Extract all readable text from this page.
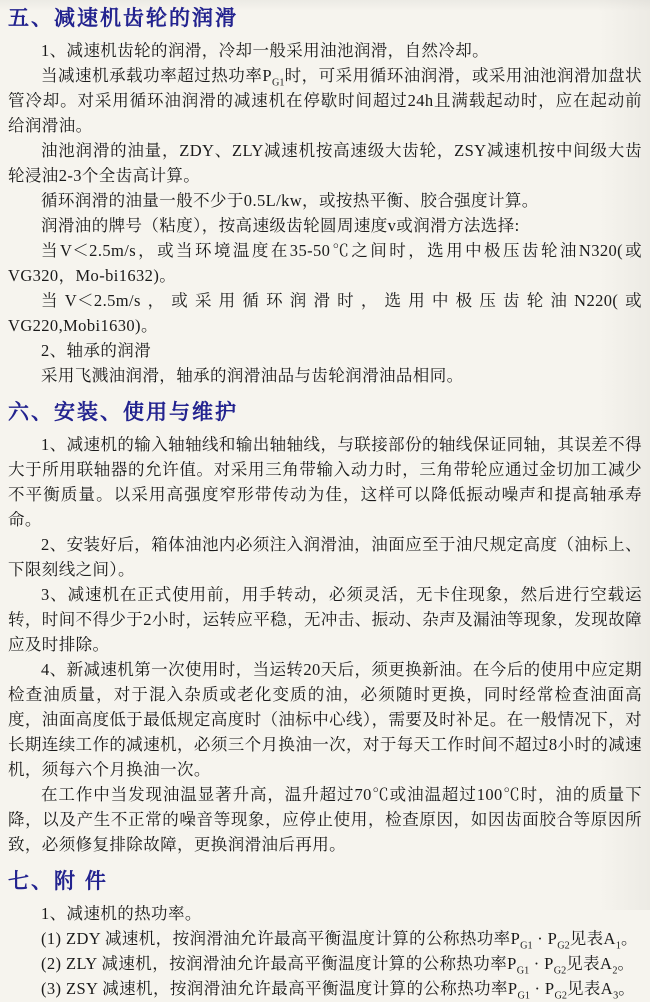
五、减速机齿轮的润滑

1、减速机齿轮的润滑，冷却一般采用油池润滑，自然冷却。

当减速机承载功率超过热功率$P_{G1}$时，可采用循环油润滑，或采用油池润滑加盘状管冷却。对采用循环油润滑的减速机在停歇时间超过24h且满载起动时，应在起动前给润滑油。

油池润滑的油量，ZDY、ZLY减速机按高速级大齿轮，ZSY减速机按中间级大齿轮浸油2-3个全齿高计算。

循环润滑的油量一般不少于0.5L/kw，或按热平衡、胶合强度计算。

润滑油的牌号（粘度），按高速级齿轮圆周速度v或润滑方法选择:

当V＜2.5m/s，或当环境温度在35-50℃之间时，选用中极压齿轮油N320(或VG320，Mo-bi1632)。

当V＜2.5m/s，或采用循环润滑时，选用中极压齿轮油N220(或VG220,Mobi1630)。

2、轴承的润滑

采用飞溅油润滑，轴承的润滑油品与齿轮润滑油品相同。

六、安装、使用与维护

1、减速机的输入轴轴线和输出轴轴线，与联接部份的轴线保证同轴，其误差不得大于所用联轴器的允许值。对采用三角带输入动力时，三角带轮应通过金切加工减少不平衡质量。以采用高强度窄形带传动为佳，这样可以降低振动噪声和提高轴承寿命。

2、安装好后，箱体油池内必须注入润滑油，油面应至于油尺规定高度（油标上、下限刻线之间）。

3、减速机在正式使用前，用手转动，必须灵活，无卡住现象，然后进行空载运转，时间不得少于2小时，运转应平稳，无冲击、振动、杂声及漏油等现象，发现故障应及时排除。

4、新减速机第一次使用时，当运转20天后，须更换新油。在今后的使用中应定期检查油质量，对于混入杂质或老化变质的油，必须随时更换，同时经常检查油面高度，油面高度低于最低规定高度时（油标中心线），需要及时补足。在一般情况下，对长期连续工作的减速机，必须三个月换油一次，对于每天工作时间不超过8小时的减速机，须每六个月换油一次。

在工作中当发现油温显著升高，温升超过70℃或油温超过100℃时，油的质量下降，以及产生不正常的噪音等现象，应停止使用，检查原因，如因齿面胶合等原因所致，必须修复排除故障，更换润滑油后再用。

七、附 件

1、减速机的热功率。

(1) ZDY 减速机，按润滑油允许最高平衡温度计算的公称热功率$P_{G1} \cdot P_{G2}$见表$A_1$。

(2) ZLY 减速机，按润滑油允许最高平衡温度计算的公称热功率$P_{G1} \cdot P_{G2}$见表$A_2$。

(3) ZSY 减速机，按润滑油允许最高平衡温度计算的公称热功率$P_{G1} \cdot P_{G2}$见表$A_3$。
